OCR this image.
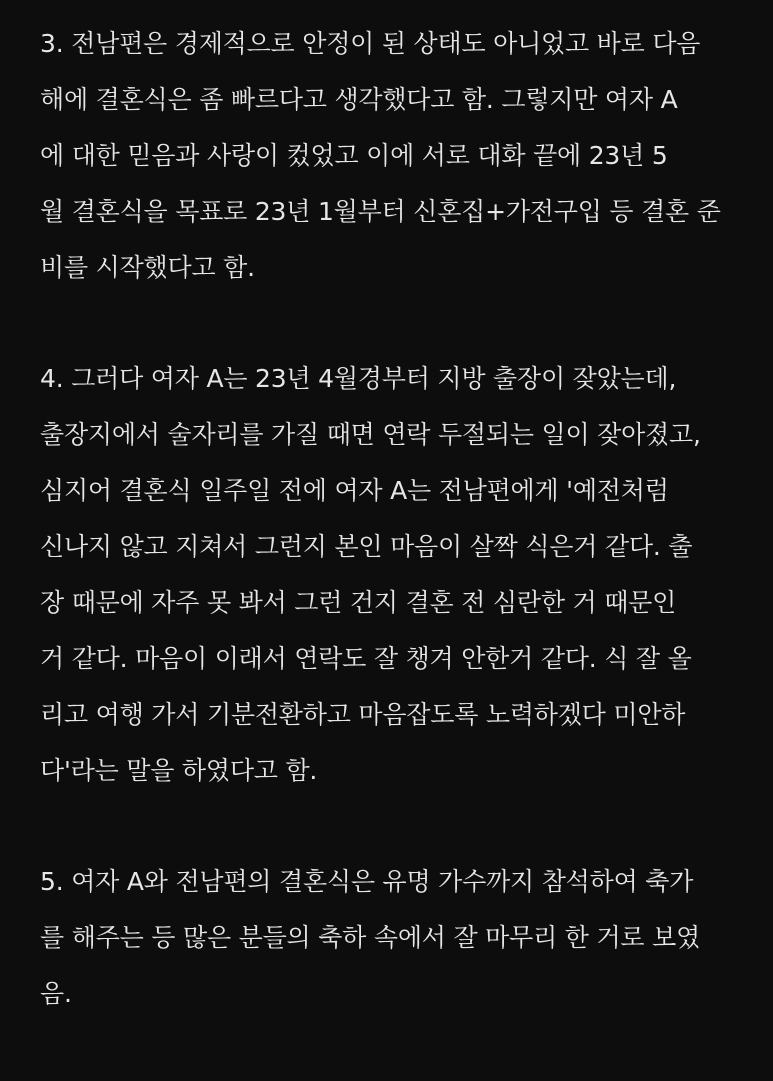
3. 전남편은 경제적으로 안정이 된 상태도 아니었고 바로 다음
해에 결혼식은 좀 빠르다고 생각했다고 함. 그렇지만 여자 A
에 대한 믿음과 사랑이 컸었고 이에 서로 대화 끝에 23년 5
월 결혼식을 목표로 23년 1월부터 신혼집+가전구입 등 결혼 준
비를 시작했다고 함.
4. 그러다 여자 A는 23년 4월경부터 지방 출장이 잦았는데,
출장지에서 술자리를 가질 때면 연락 두절되는 일이 잦아졌고,
심지어 결혼식 일주일 전에 여자 A는 전남편에게 '예전처럼
신나지 않고 지쳐서 그런지 본인 마음이 살짝 식은거 같다. 출
장 때문에 자주 못 봐서 그런 건지 결혼 전 심란한 거 때문인
거 같다. 마음이 이래서 연락도 잘 챙겨 안한거 같다. 식 잘 올
리고 여행 가서 기분전환하고 마음잡도록 노력하겠다 미안하
다'라는 말을 하였다고 함.
5. 여자 A와 전남편의 결혼식은 유명 가수까지 참석하여 축가
를 해주는 등 많은 분들의 축하 속에서 잘 마무리 한 거로 보였
음.
